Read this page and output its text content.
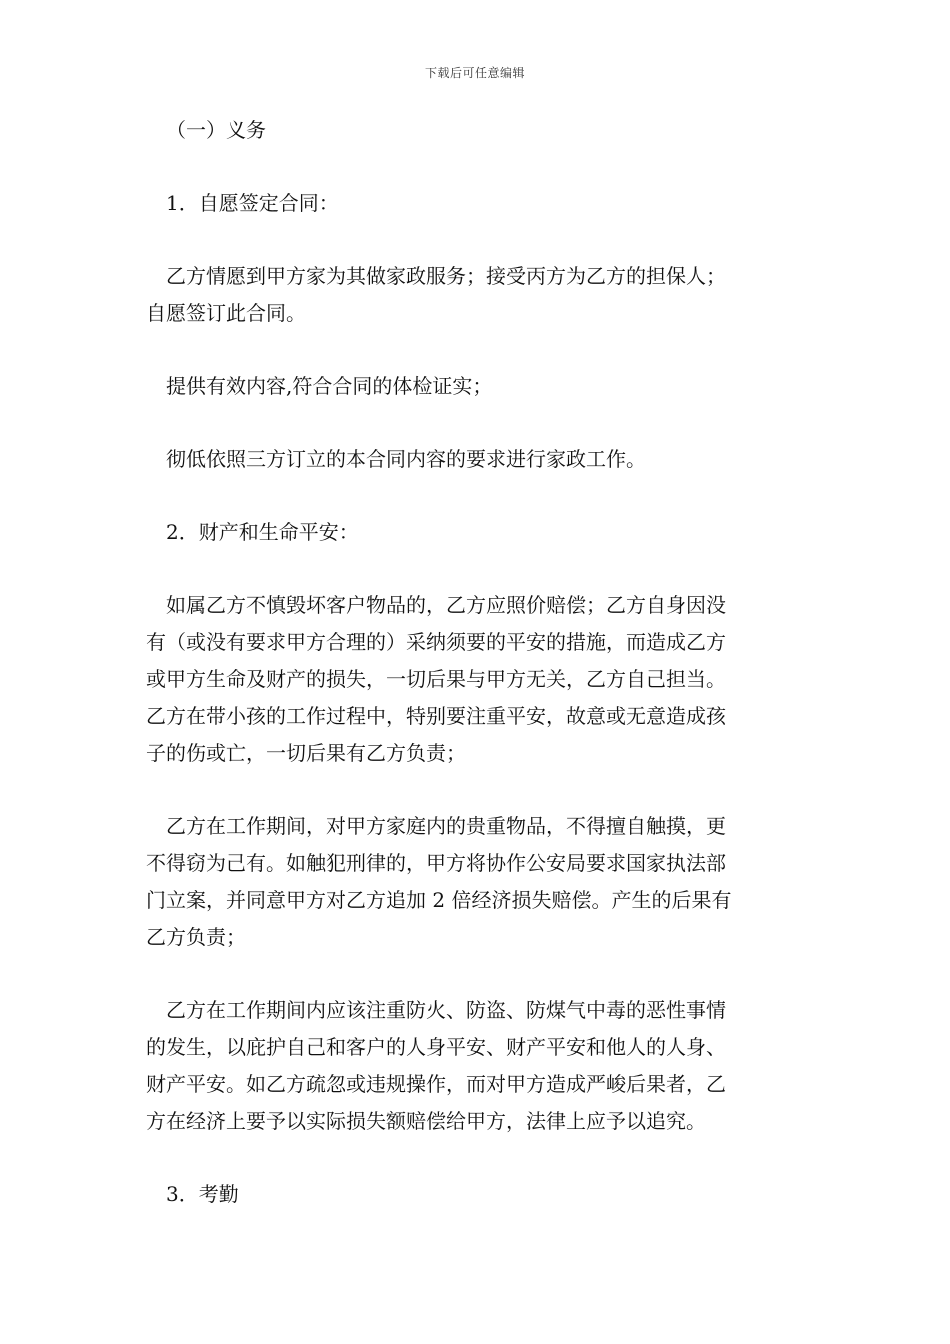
下载后可任意编辑

（一）义务

1．自愿签定合同：

乙方情愿到甲方家为其做家政服务；接受丙方为乙方的担保人；

自愿签订此合同。

提供有效内容,符合合同的体检证实；

彻低依照三方订立的本合同内容的要求进行家政工作。

2．财产和生命平安：

如属乙方不慎毁坏客户物品的，乙方应照价赔偿；乙方自身因没

有（或没有要求甲方合理的）采纳须要的平安的措施，而造成乙方

或甲方生命及财产的损失，一切后果与甲方无关，乙方自己担当。

乙方在带小孩的工作过程中，特别要注重平安，故意或无意造成孩

子的伤或亡，一切后果有乙方负责；

乙方在工作期间，对甲方家庭内的贵重物品，不得擅自触摸，更

不得窃为己有。如触犯刑律的，甲方将协作公安局要求国家执法部

门立案，并同意甲方对乙方追加 2 倍经济损失赔偿。产生的后果有

乙方负责；

乙方在工作期间内应该注重防火、防盗、防煤气中毒的恶性事情

的发生，以庇护自己和客户的人身平安、财产平安和他人的人身、

财产平安。如乙方疏忽或违规操作，而对甲方造成严峻后果者，乙

方在经济上要予以实际损失额赔偿给甲方，法律上应予以追究。

3．考勤
